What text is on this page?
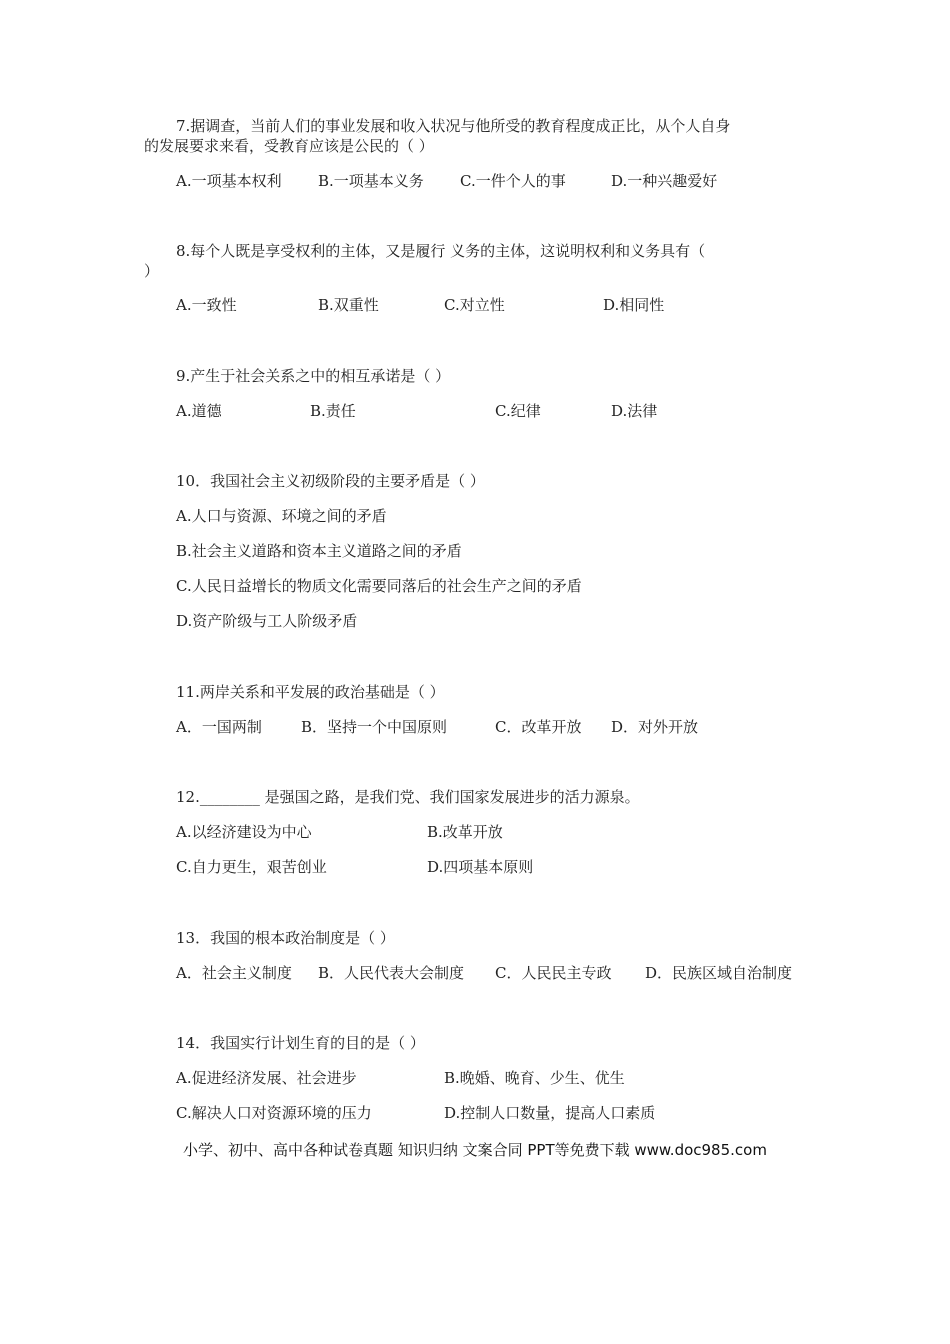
7.据调查，当前人们的事业发展和收入状况与他所受的教育程度成正比，从个人自身
的发展要求来看，受教育应该是公民的（ ）
A.一项基本权利 B.一项基本义务 C.一件个人的事	D.一种兴趣爱好
8.每个人既是享受权利的主体，又是履行 义务的主体，这说明权利和义务具有（
）
A.一致性	B.双重性	C.对立性	D.相同性
9.产生于社会关系之中的相互承诺是（ ）
A.道德	B.责任	C.纪律	D.法律
10．我国社会主义初级阶段的主要矛盾是（ ）
A.人口与资源、环境之间的矛盾
B.社会主义道路和资本主义道路之间的矛盾
C.人民日益增长的物质文化需要同落后的社会生产之间的矛盾
D.资产阶级与工人阶级矛盾
11.两岸关系和平发展的政治基础是（ ）
A．一国两制	B．坚持一个中国原则	C．改革开放 D．对外开放
12.________ 是强国之路，是我们党、我们国家发展进步的活力源泉。
A.以经济建设为中心	B.改革开放
C.自力更生，艰苦创业	D.四项基本原则
13．我国的根本政治制度是（ ）
A．社会主义制度 B．人民代表大会制度 C．人民民主专政 D．民族区域自治制度
14．我国实行计划生育的目的是（ ）
A.促进经济发展、社会进步	B.晚婚、晚育、少生、优生
C.解决人口对资源环境的压力	D.控制人口数量，提高人口素质
小学、初中、高中各种试卷真题 知识归纳 文案合同 PPT等免费下载 www.doc985.com
